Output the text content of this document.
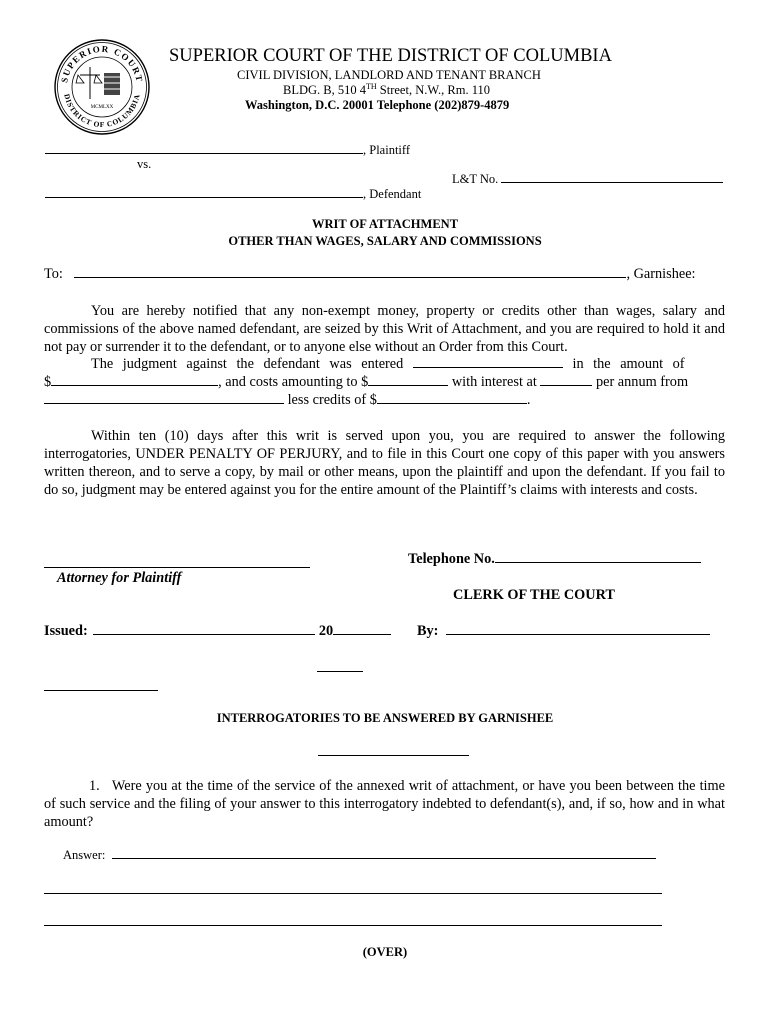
SUPERIOR COURT
DISTRICT OF COLUMBIA
MCMLXX
SUPERIOR COURT OF THE DISTRICT OF COLUMBIA
CIVIL DIVISION, LANDLORD AND TENANT BRANCH
BLDG. B, 510 4TH Street, N.W., Rm. 110
Washington, D.C. 20001 Telephone (202)879-4879
, Plaintiff
vs.
L&T No.
, Defendant
WRIT OF ATTACHMENT
OTHER THAN WAGES, SALARY AND COMMISSIONS
To:	, Garnishee:

You are hereby notified that any non-exempt money, property or credits other than wages, salary and commissions of the above named defendant, are seized by this Writ of Attachment, and you are required to hold it and not pay or surrender it to the defendant, or to anyone else without an Order from this Court.

The judgment against the defendant was entered	in the amount of
$	, and costs amounting to $	with interest at	per annum from
less credits of $	.

Within ten (10) days after this writ is served upon you, you are required to answer the following interrogatories, UNDER PENALTY OF PERJURY, and to file in this Court one copy of this paper with you answers written thereon, and to serve a copy, by mail or other means, upon the plaintiff and upon the defendant. If you fail to do so, judgment may be entered against you for the entire amount of the Plaintiff’s claims with interests and costs.

Attorney for Plaintiff
Telephone No.
CLERK OF THE COURT
Issued:	20	By:
INTERROGATORIES TO BE ANSWERED BY GARNISHEE

1. Were you at the time of the service of the annexed writ of attachment, or have you been between the time of such service and the filing of your answer to this interrogatory indebted to defendant(s), and, if so, how and in what amount?

Answer:
(OVER)
